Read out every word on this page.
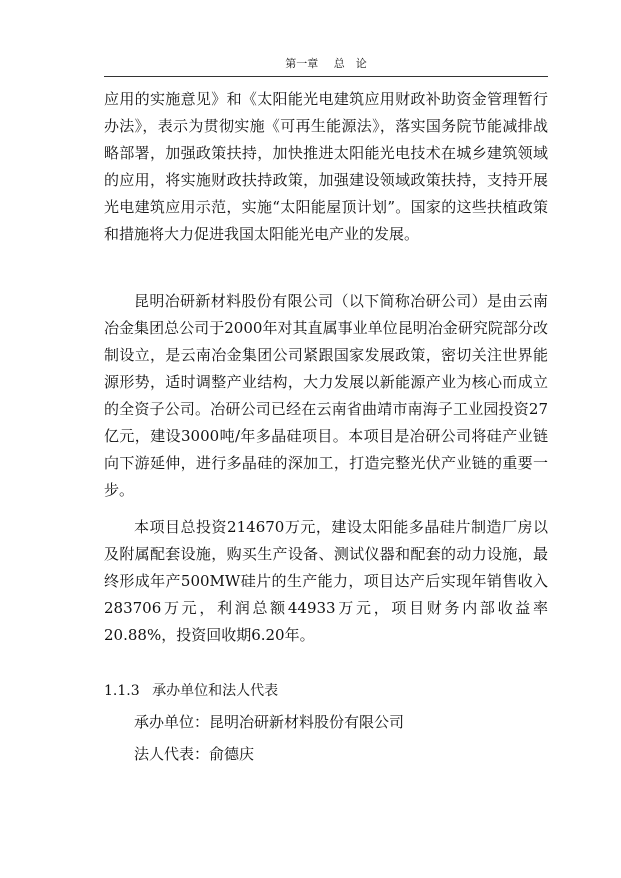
第一章 总　论

应用的实施意见》和《太阳能光电建筑应用财政补助资金管理暂行办法》，表示为贯彻实施《可再生能源法》，落实国务院节能减排战略部署，加强政策扶持，加快推进太阳能光电技术在城乡建筑领域的应用，将实施财政扶持政策，加强建设领域政策扶持，支持开展光电建筑应用示范，实施“太阳能屋顶计划”。国家的这些扶植政策和措施将大力促进我国太阳能光电产业的发展。

昆明冶研新材料股份有限公司（以下简称冶研公司）是由云南冶金集团总公司于2000年对其直属事业单位昆明冶金研究院部分改制设立，是云南冶金集团公司紧跟国家发展政策，密切关注世界能源形势，适时调整产业结构，大力发展以新能源产业为核心而成立的全资子公司。冶研公司已经在云南省曲靖市南海子工业园投资27亿元，建设3000吨/年多晶硅项目。本项目是冶研公司将硅产业链向下游延伸，进行多晶硅的深加工，打造完整光伏产业链的重要一步。

本项目总投资214670万元，建设太阳能多晶硅片制造厂房以及附属配套设施，购买生产设备、测试仪器和配套的动力设施，最终形成年产500MW硅片的生产能力，项目达产后实现年销售收入283706万元，利润总额44933万元，项目财务内部收益率20.88%，投资回收期6.20年。

1.1.3 承办单位和法人代表
承办单位：昆明冶研新材料股份有限公司
法人代表：俞德庆
